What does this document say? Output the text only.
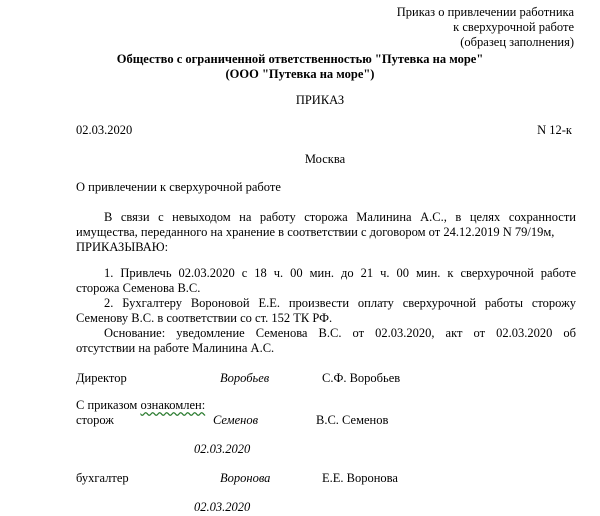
Приказ о привлечении работника
к сверхурочной работе
(образец заполнения)
Общество с ограниченной ответственностью "Путевка на море"
(ООО "Путевка на море")
ПРИКАЗ
02.03.2020	N 12-к
Москва
О привлечении к сверхурочной работе
В связи с невыходом на работу сторожа Малинина А.С., в целях сохранности
имущества, переданного на хранение в соответствии с договором от 24.12.2019 N 79/19м,
ПРИКАЗЫВАЮ:
1. Привлечь 02.03.2020 с 18 ч. 00 мин. до 21 ч. 00 мин. к сверхурочной работе
сторожа Семенова В.С.
2. Бухгалтеру Вороновой Е.Е. произвести оплату сверхурочной работы сторожу
Семенову В.С. в соответствии со ст. 152 ТК РФ.
Основание: уведомление Семенова В.С. от 02.03.2020, акт от 02.03.2020 об
отсутствии на работе Малинина А.С.
Директор	Воробьев	С.Ф. Воробьев
С приказом ознакомлен:
сторож	Семенов	В.С. Семенов
02.03.2020
бухгалтер	Воронова	Е.Е. Воронова
02.03.2020
